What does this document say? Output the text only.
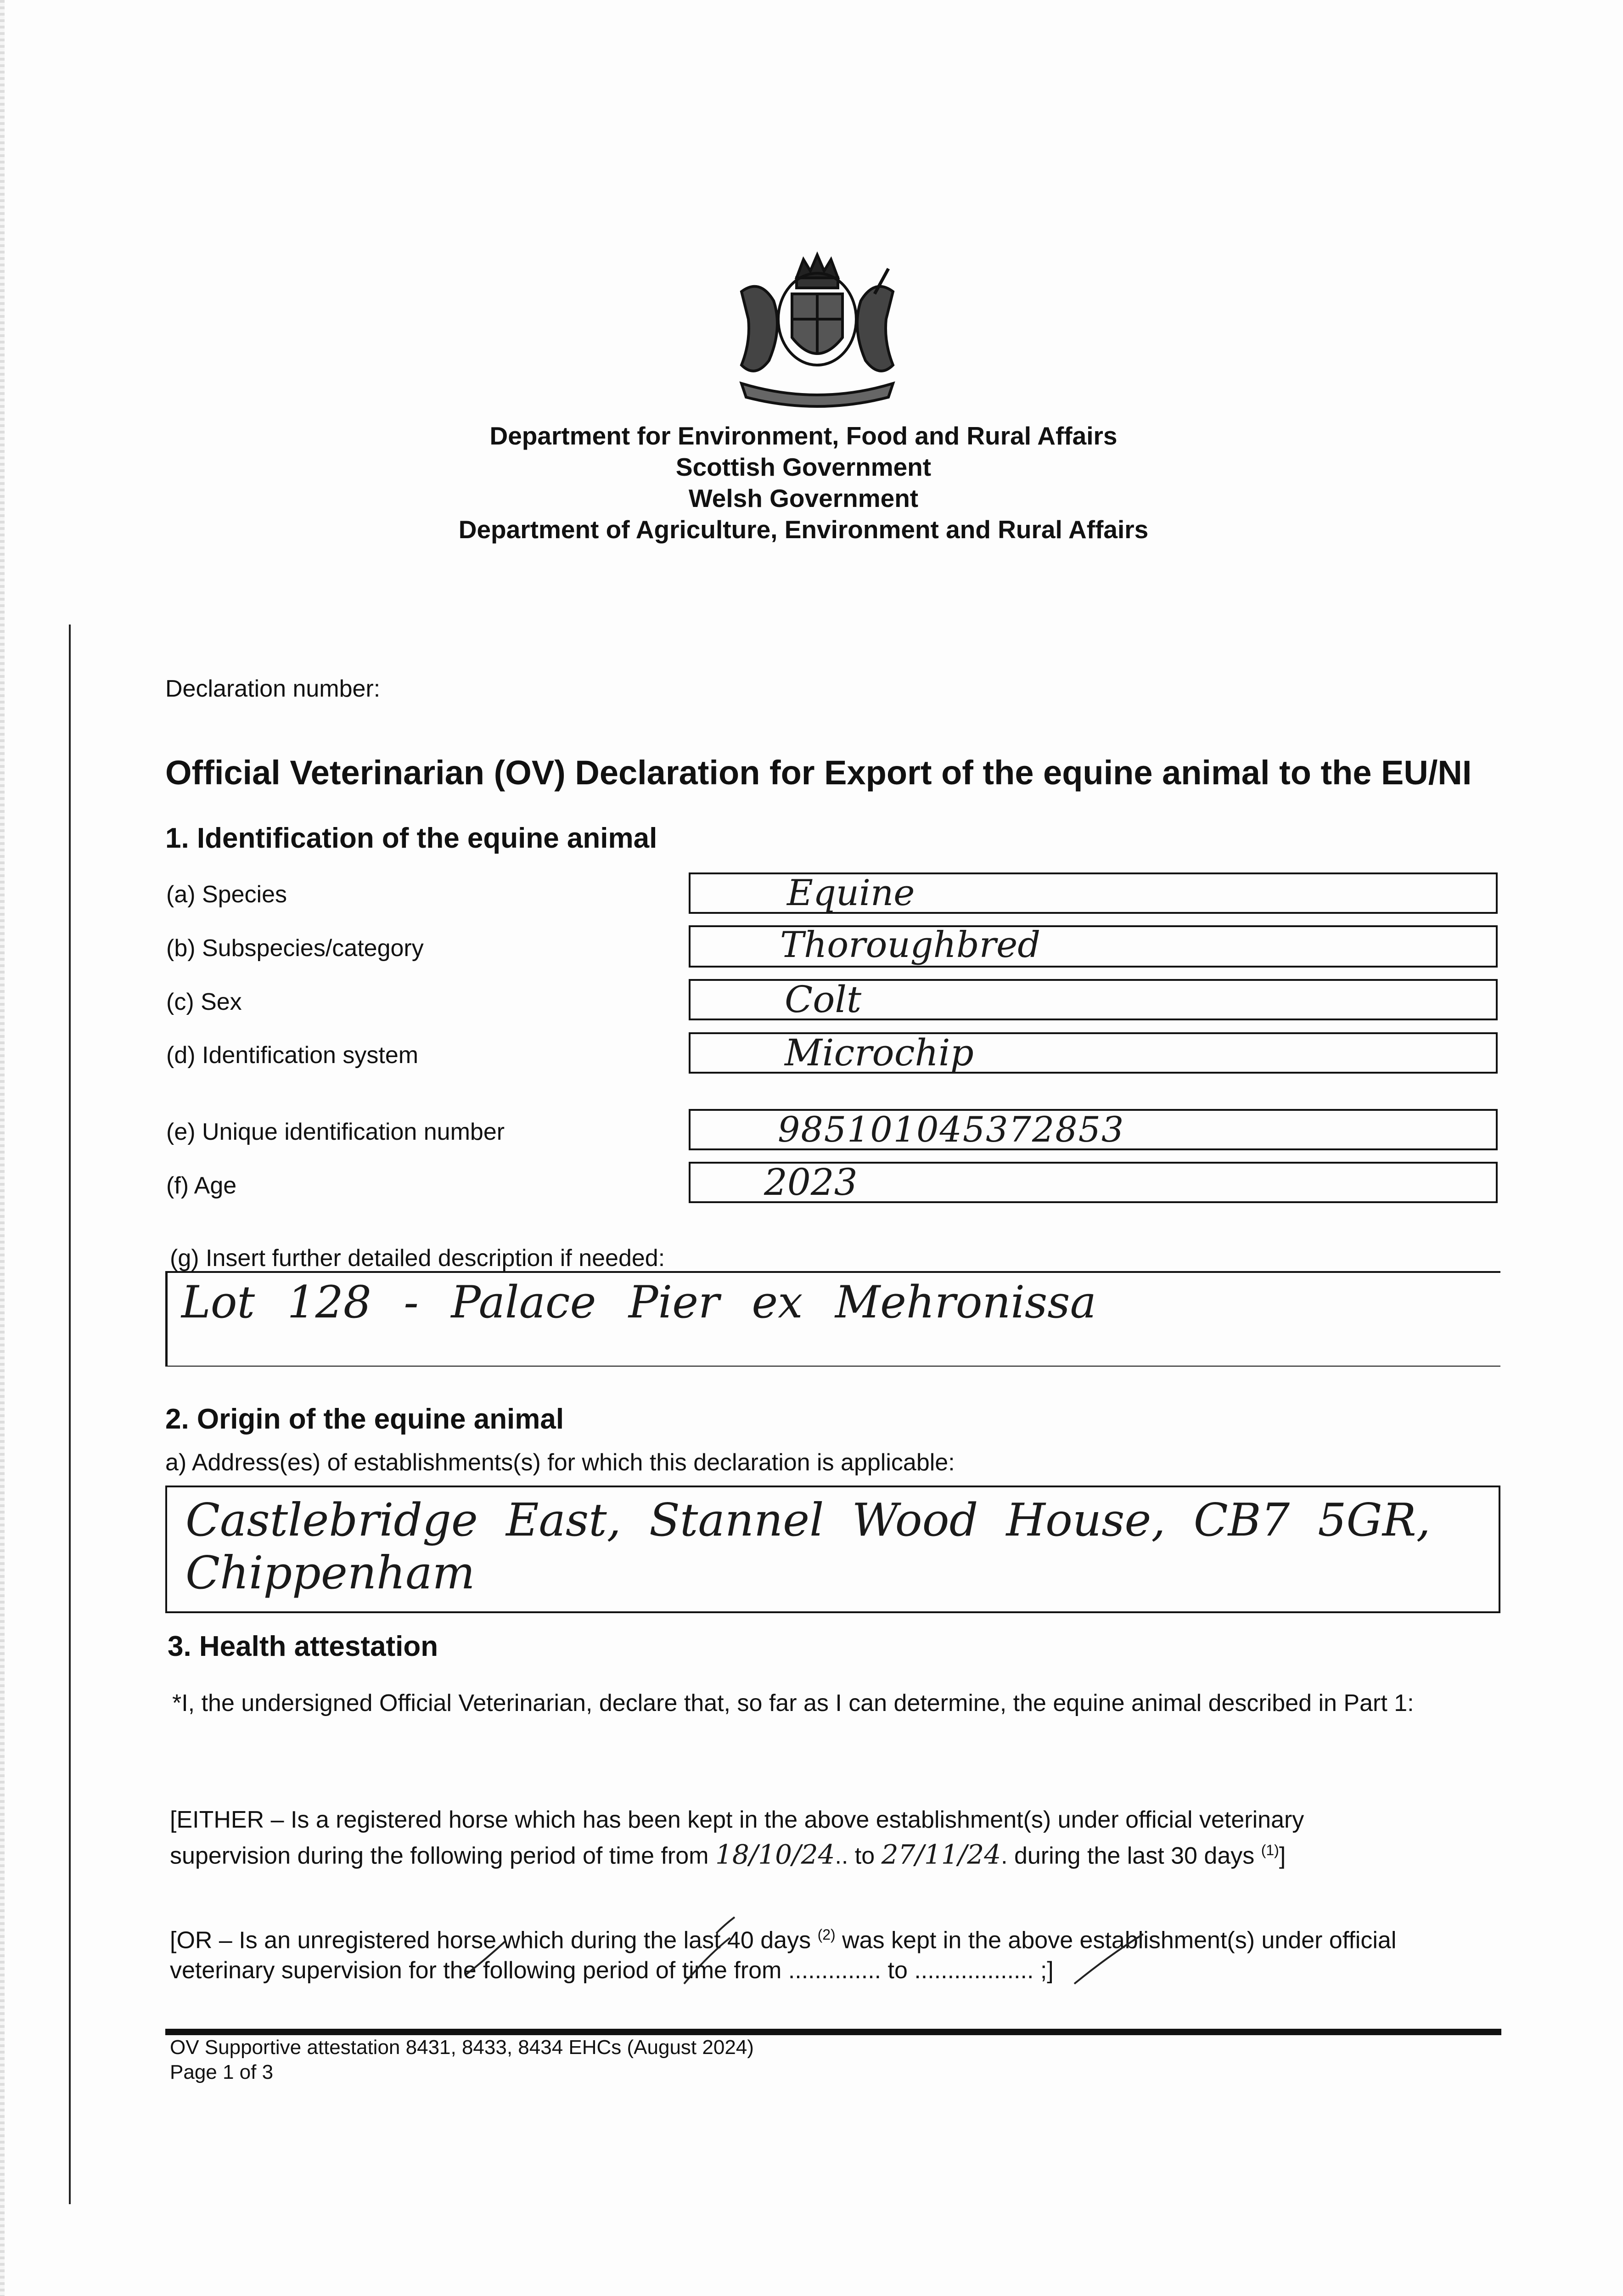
Department for Environment, Food and Rural Affairs
Scottish Government
Welsh Government
Department of Agriculture, Environment and Rural Affairs
Declaration number:
Official Veterinarian (OV) Declaration for Export of the equine animal to the EU/NI
1. Identification of the equine animal
(a) Species	Equine
(b) Subspecies/category	Thoroughbred
(c) Sex	Colt
(d) Identification system	Microchip
(e) Unique identification number	985101045372853
(f) Age	2023
(g) Insert further detailed description if needed:
Lot 128 - Palace Pier ex Mehronissa
2. Origin of the equine animal
a) Address(es) of establishments(s) for which this declaration is applicable:
Castlebridge East, Stannel Wood House, CB7 5GR,
Chippenham
3. Health attestation
*I, the undersigned Official Veterinarian, declare that, so far as I can determine, the equine animal described in Part 1:
[EITHER – Is a registered horse which has been kept in the above establishment(s) under official veterinary
supervision during the following period of time from 18/10/24.. to 27/11/24. during the last 30 days $^{(1)}$]
[OR – Is an unregistered horse which during the last 40 days $^{(2)}$ was kept in the above establishment(s) under official
veterinary supervision for the following period of time from .............. to .................. ;]
OV Supportive attestation 8431, 8433, 8434 EHCs (August 2024)
Page 1 of 3
